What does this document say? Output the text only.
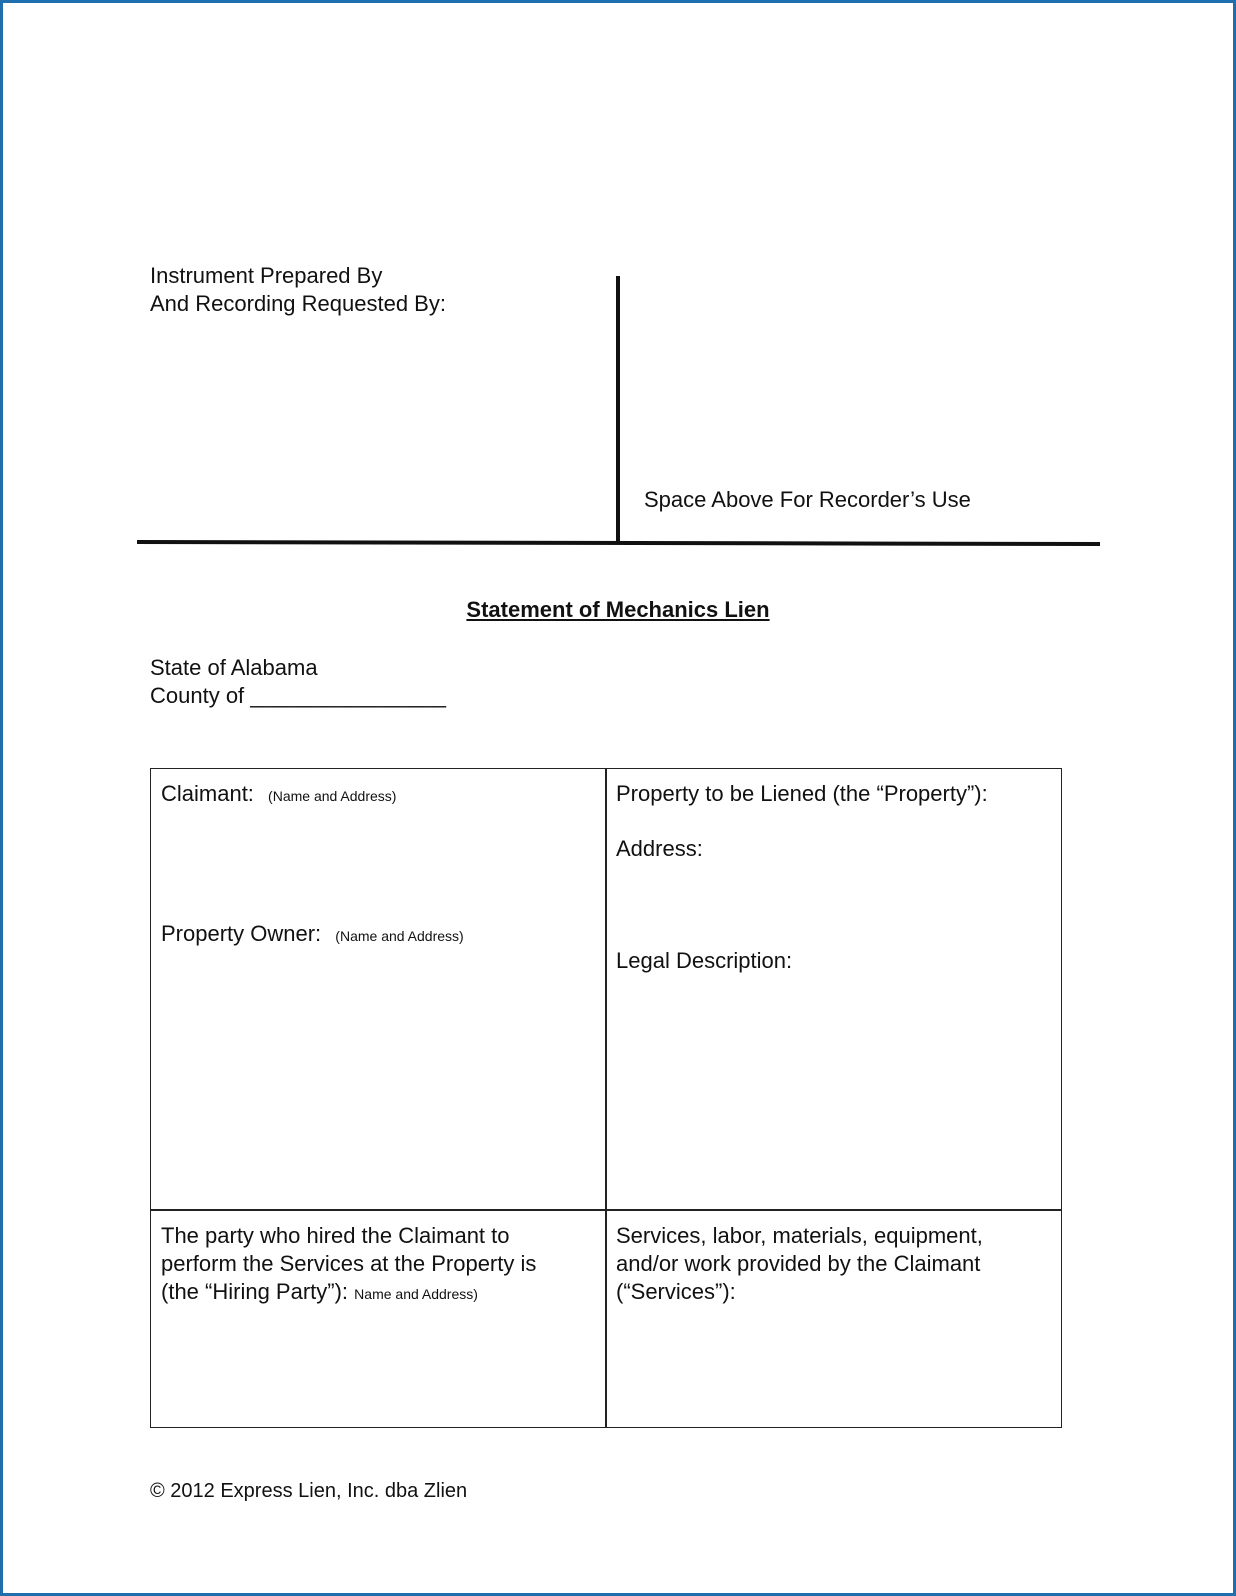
Instrument Prepared By
And Recording Requested By:
Space Above For Recorder’s Use
Statement of Mechanics Lien
State of Alabama
County of ________________
Claimant: (Name and Address)
Property Owner: (Name and Address)
Property to be Liened (the “Property”):
Address:
Legal Description:
The party who hired the Claimant to
perform the Services at the Property is
(the “Hiring Party”): Name and Address)
Services, labor, materials, equipment,
and/or work provided by the Claimant
(“Services”):
© 2012 Express Lien, Inc. dba Zlien
